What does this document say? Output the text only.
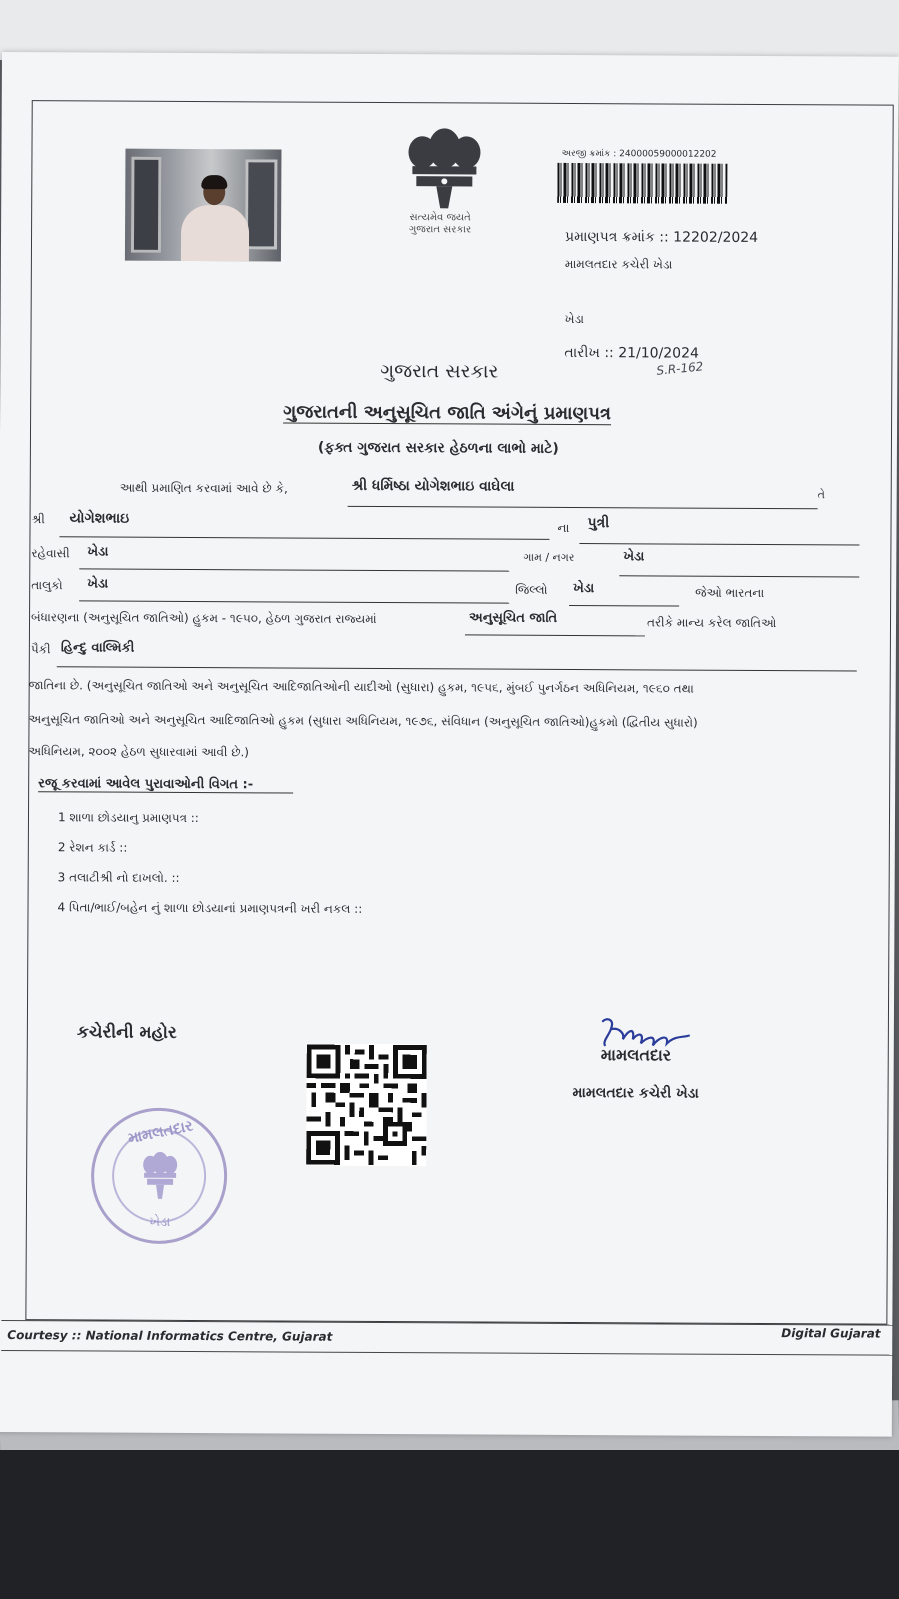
સત્યમેવ જયતે
ગુજરાત સરકાર
અરજી ક્રમાંક : 24000059000012202
પ્રમાણપત્ર ક્રમાંક :: 12202/2024
મામલતદાર કચેરી ખેડા
ખેડા
તારીખ :: 21/10/2024
S.R-162
ગુજરાત સરકાર
ગુજરાતની અનુસૂચિત જાતિ અંગેનું પ્રમાણપત્ર
(ફક્ત ગુજરાત સરકાર હેઠળના લાભો માટે)
આથી પ્રમાણિત કરવામાં આવે છે કે,	શ્રી ધર્મિષ્ઠા યોગેશભાઇ વાઘેલા
તે
શ્રી યોગેશભાઇ
ના પુત્રી
રહેવાસી ખેડા	ગામ / નગર	ખેડા
તાલુકો ખેડા	જિલ્લો ખેડા	જેઓ ભારતના
બંધારણના (અનુસૂચિત જાતિઓ) હુકમ - ૧૯૫૦, હેઠળ ગુજરાત રાજ્યમાં	અનુસૂચિત જાતિ	તરીકે માન્ય કરેલ જાતિઓ
પૈકી હિન્દુ વાલ્મિકી
જાતિના છે. (અનુસૂચિત જાતિઓ અને અનુસૂચિત આદિજાતિઓની યાદીઓ (સુધારા) હુકમ, ૧૯૫૬, મુંબઈ પુનર્ગઠન અધિનિયમ, ૧૯૬૦ તથા
અનુસૂચિત જાતિઓ અને અનુસૂચિત આદિજાતિઓ હુકમ (સુધારા અધિનિયમ, ૧૯૭૬, સંવિધાન (અનુસૂચિત જાતિઓ)હુકમો (દ્વિતીય સુધારો)
અધિનિયમ, ૨૦૦૨ હેઠળ સુધારવામાં આવી છે.)
રજૂ કરવામાં આવેલ પુરાવાઓની વિગત :-
1 શાળા છોડયાનુ પ્રમાણપત્ર ::
2 રેશન કાર્ડ ::
3 તલાટીશ્રી નો દાખલો. ::
4 પિતા/ભાઈ/બહેન નું શાળા છોડયાનાં પ્રમાણપત્રની ખરી નકલ ::
કચેરીની મહોર
મામલતદાર
મામલતદાર કચેરી ખેડા
મામલતદાર
ખેડા
Courtesy :: National Informatics Centre, Gujarat	Digital Gujarat
